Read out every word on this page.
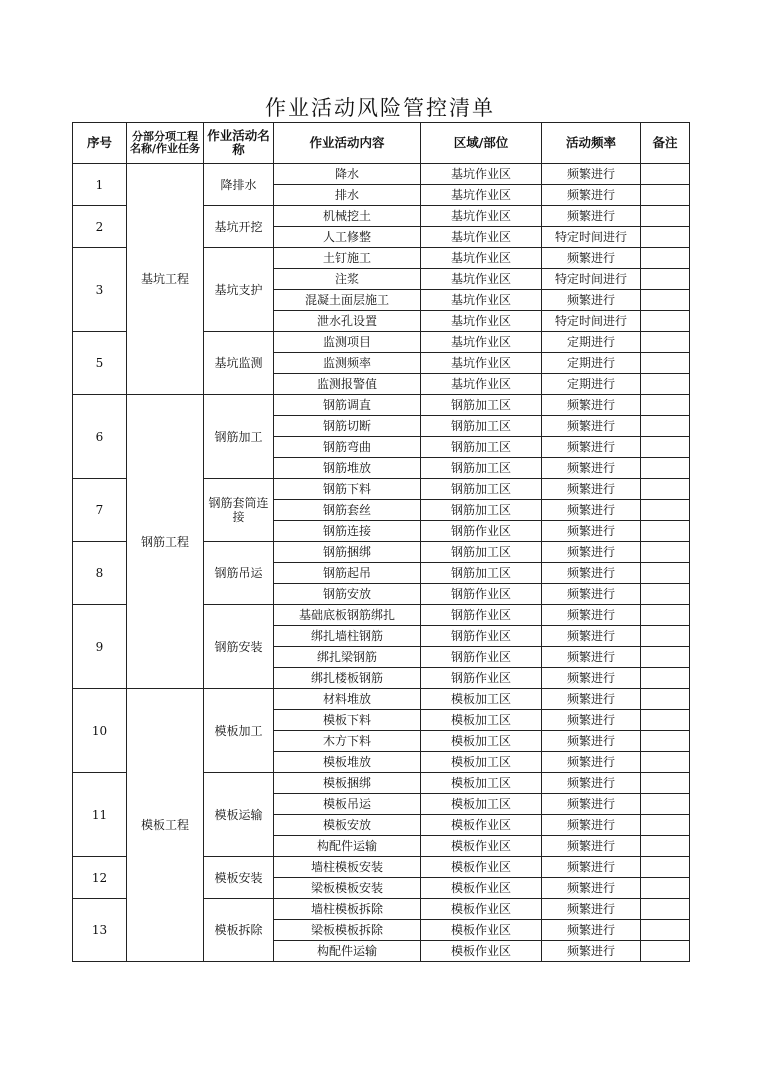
作业活动风险管控清单
序号	分部分项工程名称/作业任务	作业活动名称	作业活动内容	区域/部位	活动频率	备注
1	基坑工程	降排水	降水	基坑作业区	频繁进行	
			排水	基坑作业区	频繁进行	
2		基坑开挖	机械挖土	基坑作业区	频繁进行	
			人工修整	基坑作业区	特定时间进行	
3		基坑支护	土钉施工	基坑作业区	频繁进行	
			注浆	基坑作业区	特定时间进行	
			混凝土面层施工	基坑作业区	频繁进行	
			泄水孔设置	基坑作业区	特定时间进行	
5		基坑监测	监测项目	基坑作业区	定期进行	
			监测频率	基坑作业区	定期进行	
			监测报警值	基坑作业区	定期进行	
6	钢筋工程	钢筋加工	钢筋调直	钢筋加工区	频繁进行	
			钢筋切断	钢筋加工区	频繁进行	
			钢筋弯曲	钢筋加工区	频繁进行	
			钢筋堆放	钢筋加工区	频繁进行	
7		钢筋套筒连接	钢筋下料	钢筋加工区	频繁进行	
			钢筋套丝	钢筋加工区	频繁进行	
			钢筋连接	钢筋作业区	频繁进行	
8		钢筋吊运	钢筋捆绑	钢筋加工区	频繁进行	
			钢筋起吊	钢筋加工区	频繁进行	
			钢筋安放	钢筋作业区	频繁进行	
9		钢筋安装	基础底板钢筋绑扎	钢筋作业区	频繁进行	
			绑扎墙柱钢筋	钢筋作业区	频繁进行	
			绑扎梁钢筋	钢筋作业区	频繁进行	
			绑扎楼板钢筋	钢筋作业区	频繁进行	
10	模板工程	模板加工	材料堆放	模板加工区	频繁进行	
			模板下料	模板加工区	频繁进行	
			木方下料	模板加工区	频繁进行	
			模板堆放	模板加工区	频繁进行	
11		模板运输	模板捆绑	模板加工区	频繁进行	
			模板吊运	模板加工区	频繁进行	
			模板安放	模板作业区	频繁进行	
			构配件运输	模板作业区	频繁进行	
12		模板安装	墙柱模板安装	模板作业区	频繁进行	
			梁板模板安装	模板作业区	频繁进行	
13		模板拆除	墙柱模板拆除	模板作业区	频繁进行	
			梁板模板拆除	模板作业区	频繁进行	
			构配件运输	模板作业区	频繁进行	
